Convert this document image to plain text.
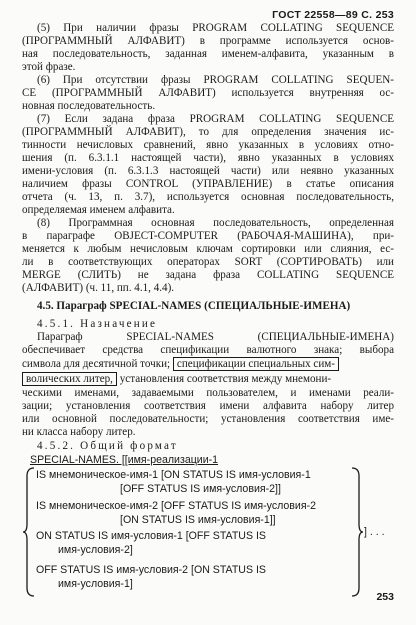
ГОСТ 22558—89 С. 253
(5) При наличии фразы PROGRAM COLLATING SEQUENCE
(ПРОГРАММНЫЙ АЛФАВИТ) в программе используется основ-
ная последовательность, заданная именем-алфавита, указанным в
этой фразе.
(6) При отсутствии фразы PROGRAM COLLATING SEQUEN-
CE (ПРОГРАММНЫЙ АЛФАВИТ) используется внутренняя ос-
новная последовательность.
(7) Если задана фраза PROGRAM COLLATING SEQUENCE
(ПРОГРАММНЫЙ АЛФАВИТ), то для определения значения ис-
тинности нечисловых сравнений, явно указанных в условиях отно-
шения (п. 6.3.1.1 настоящей части), явно указанных в условиях
имени-условия (п. 6.3.1.3 настоящей части) или неявно указанных
наличием фразы CONTROL (УПРАВЛЕНИЕ) в статье описания
отчета (ч. 13, п. 3.7), используется основная последовательность,
определяемая именем алфавита.
(8) Программная основная последовательность, определенная
в параграфе OBJECT-COMPUTER (РАБОЧАЯ-МАШИНА), при-
меняется к любым нечисловым ключам сортировки или слияния, ес-
ли в соответствующих операторах SORT (СОРТИРОВАТЬ) или
MERGE (СЛИТЬ) не задана фраза COLLATING SEQUENCE
(АЛФАВИТ) (ч. 11, пп. 4.1, 4.4).
4.5. Параграф SPECIAL-NAMES (СПЕЦИАЛЬНЫЕ-ИМЕНА)
4.5.1. Назначение
Параграф SPECIAL-NAMES (СПЕЦИАЛЬНЫЕ-ИМЕНА)
обеспечивает средства спецификации валютного знака; выбора
символа для десятичной точки; спецификации специальных сим-
волических литер, установления соответствия между мнемони-
ческими именами, задаваемыми пользователем, и именами реали-
зации; установления соответствия имени алфавита набору литер
или основной последовательности; установления соответствия име-
ни класса набору литер.
4.5.2. Общий формат
SPECIAL-NAMES. [[имя-реализации-1
IS мнемоническое-имя-1 [ON STATUS IS имя-условия-1
[OFF STATUS IS имя-условия-2]]
IS мнемоническое-имя-2 [OFF STATUS IS имя-условия-2
[ON STATUS IS имя-условия-1]]
ON STATUS IS имя-условия-1 [OFF STATUS IS
имя-условия-2]
OFF STATUS IS имя-условия-2 [ON STATUS IS
имя-условия-1]
] . . .
253
